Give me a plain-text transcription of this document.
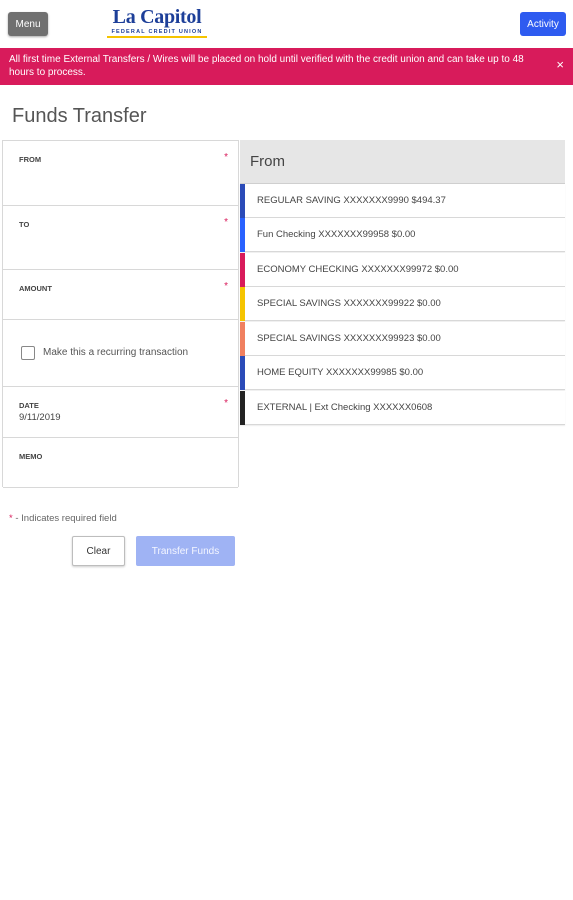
Menu	La Capitol
FEDERAL CREDIT UNION
Activity
All first time External Transfers / Wires will be placed on hold until verified with the credit union and can take up to 48 hours to process.
×
Funds Transfer
FROM	*
TO	*
AMOUNT	*
Make this a recurring transaction
DATE	*
9/11/2019
MEMO
From
REGULAR SAVING XXXXXXX9990 $494.37
Fun Checking XXXXXXX99958 $0.00
ECONOMY CHECKING XXXXXXX99972 $0.00
SPECIAL SAVINGS XXXXXXX99922 $0.00
SPECIAL SAVINGS XXXXXXX99923 $0.00
HOME EQUITY XXXXXXX99985 $0.00
EXTERNAL | Ext Checking XXXXXX0608
* - Indicates required field
Clear	Transfer Funds
